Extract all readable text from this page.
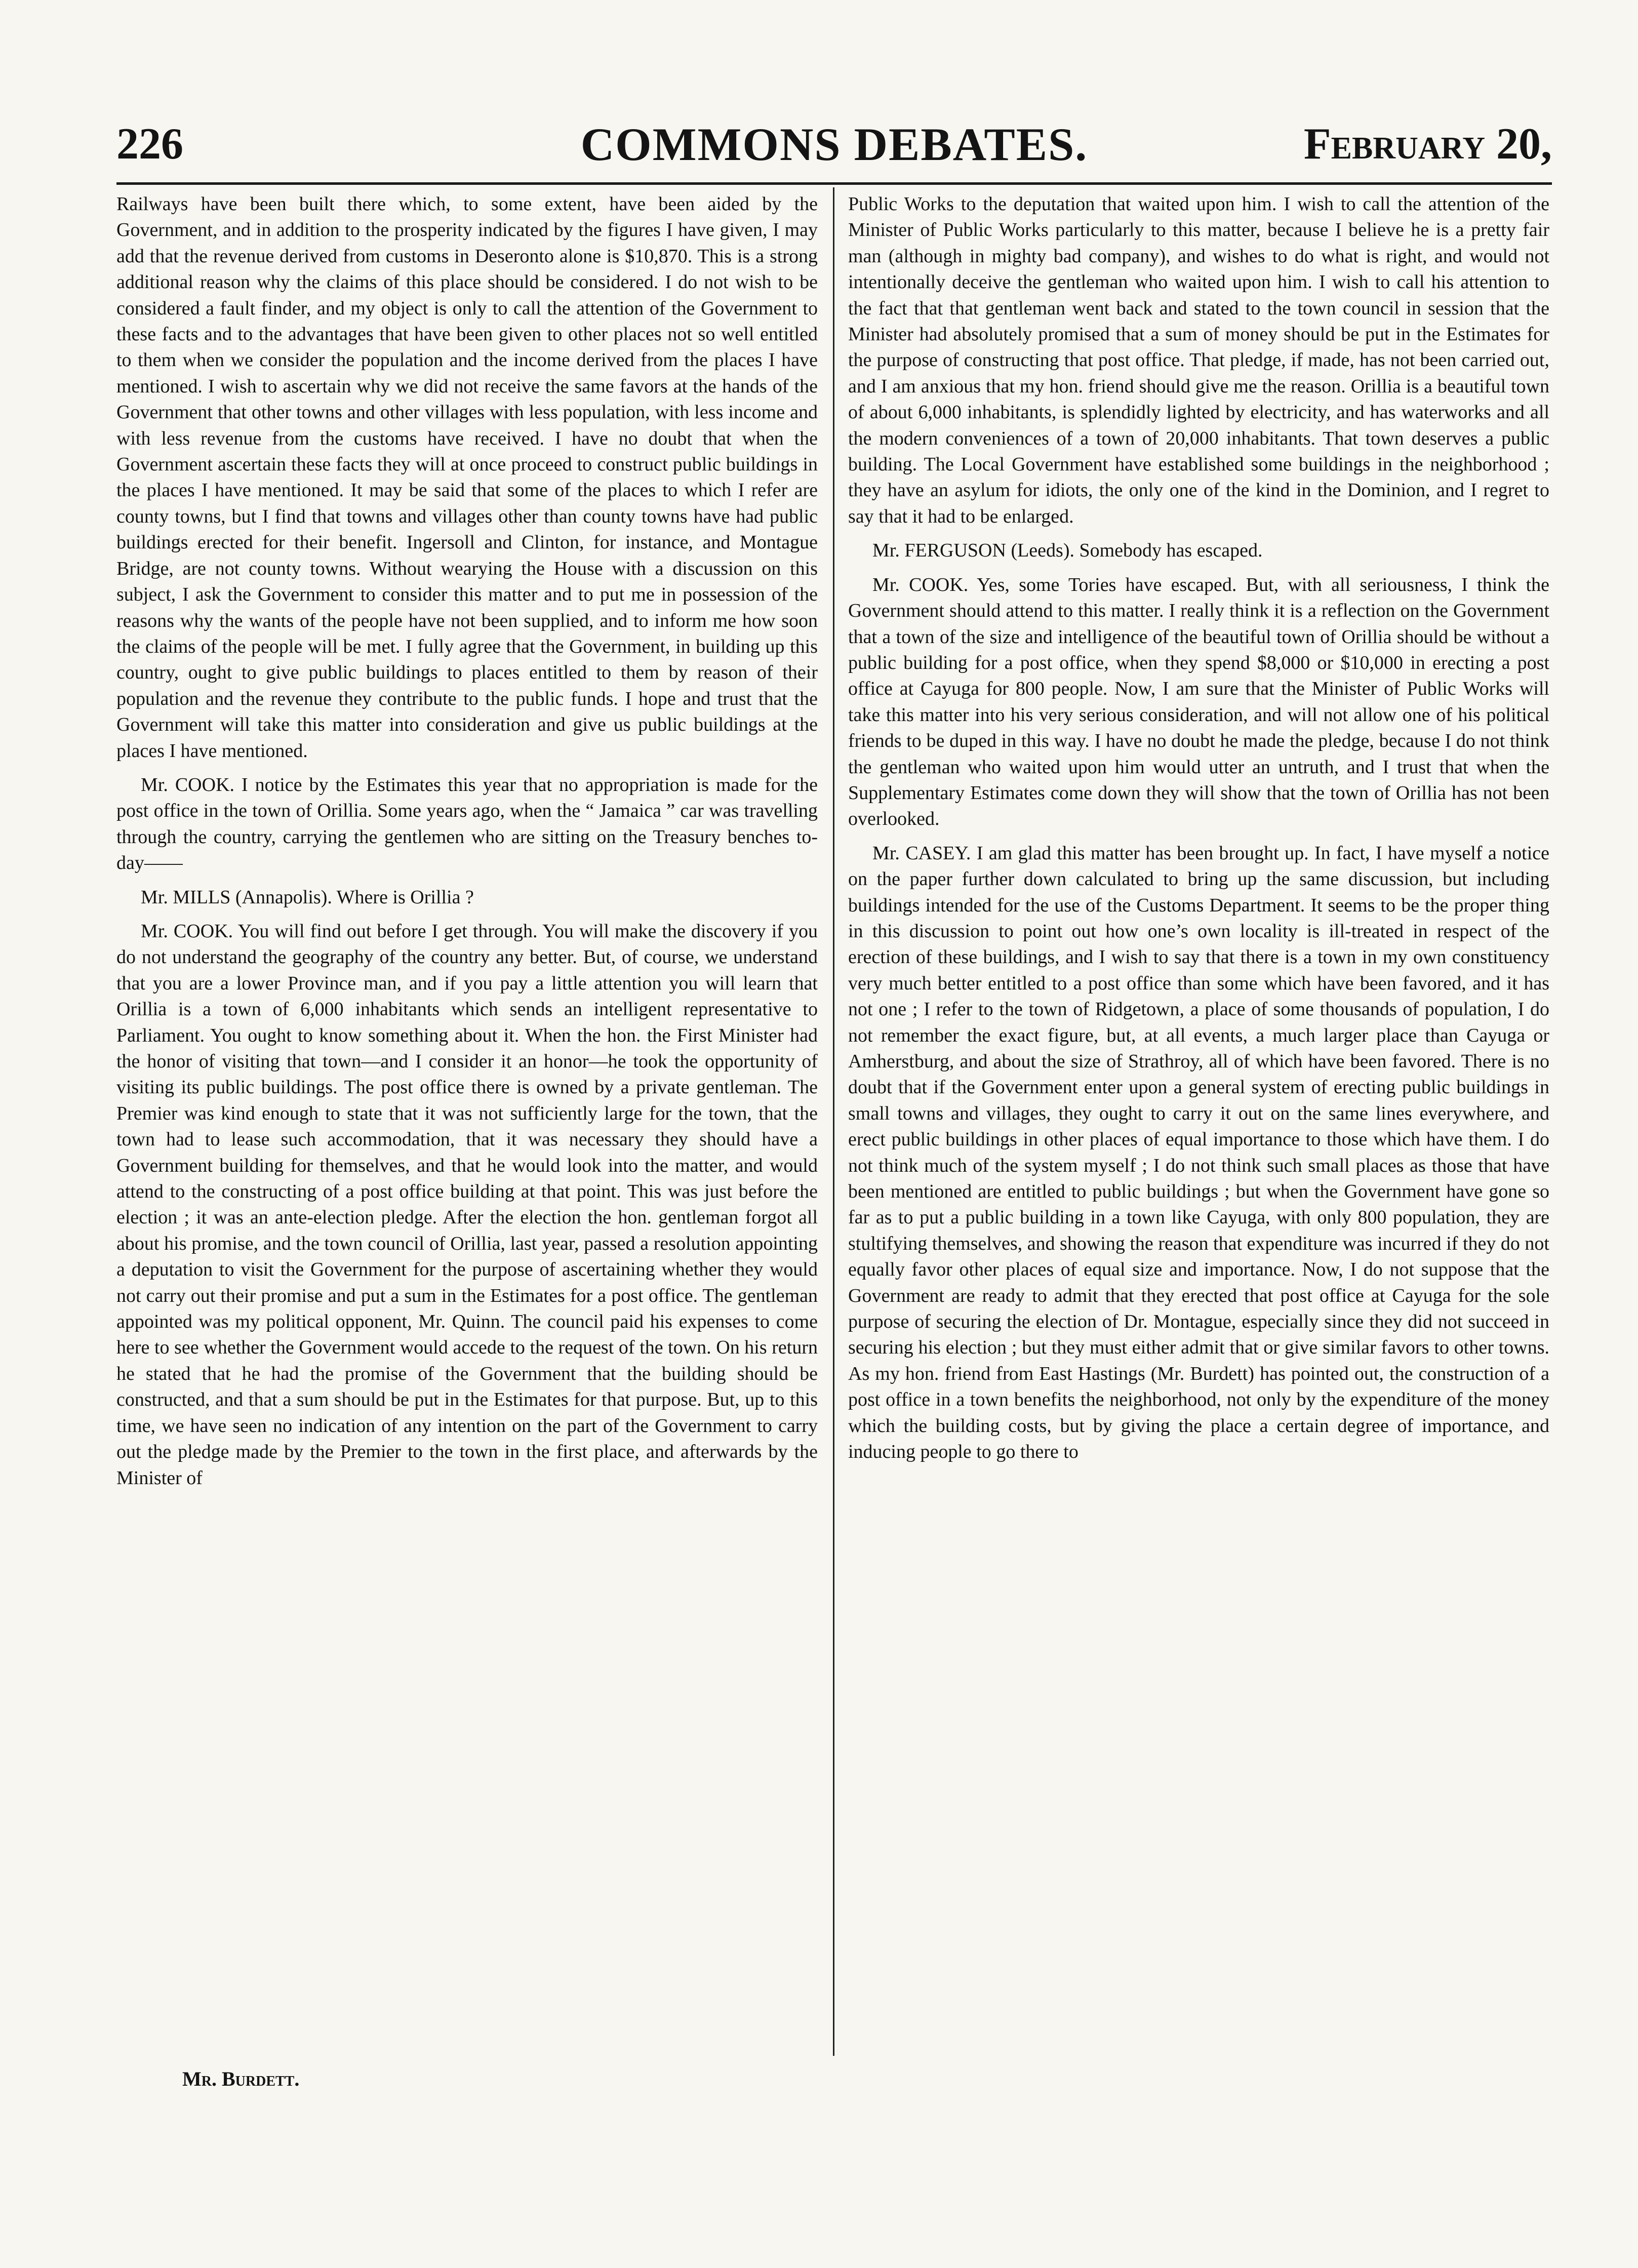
226	COMMONS DEBATES.	February 20,

Railways have been built there which, to some extent, have been aided by the Government, and in addition to the prosperity indicated by the figures I have given, I may add that the revenue derived from customs in Deseronto alone is $10,870. This is a strong additional reason why the claims of this place should be considered. I do not wish to be considered a fault finder, and my object is only to call the attention of the Government to these facts and to the advantages that have been given to other places not so well entitled to them when we consider the population and the income derived from the places I have mentioned. I wish to ascertain why we did not receive the same favors at the hands of the Government that other towns and other villages with less population, with less income and with less revenue from the customs have received. I have no doubt that when the Government ascertain these facts they will at once proceed to construct public buildings in the places I have mentioned. It may be said that some of the places to which I refer are county towns, but I find that towns and villages other than county towns have had public buildings erected for their benefit. Ingersoll and Clinton, for instance, and Montague Bridge, are not county towns. Without wearying the House with a discussion on this subject, I ask the Government to consider this matter and to put me in possession of the reasons why the wants of the people have not been supplied, and to inform me how soon the claims of the people will be met. I fully agree that the Government, in building up this country, ought to give public buildings to places entitled to them by reason of their population and the revenue they contribute to the public funds. I hope and trust that the Government will take this matter into consideration and give us public buildings at the places I have mentioned.

Mr. COOK. I notice by the Estimates this year that no appropriation is made for the post office in the town of Orillia. Some years ago, when the “ Jamaica ” car was travelling through the country, carrying the gentlemen who are sitting on the Treasury benches to-day——

Mr. MILLS (Annapolis). Where is Orillia ?

Mr. COOK. You will find out before I get through. You will make the discovery if you do not understand the geography of the country any better. But, of course, we understand that you are a lower Province man, and if you pay a little attention you will learn that Orillia is a town of 6,000 inhabitants which sends an intelligent representative to Parliament. You ought to know something about it. When the hon. the First Minister had the honor of visiting that town—and I consider it an honor—he took the opportunity of visiting its public buildings. The post office there is owned by a private gentleman. The Premier was kind enough to state that it was not sufficiently large for the town, that the town had to lease such accommodation, that it was necessary they should have a Government building for themselves, and that he would look into the matter, and would attend to the constructing of a post office building at that point. This was just before the election ; it was an ante-election pledge. After the election the hon. gentleman forgot all about his promise, and the town council of Orillia, last year, passed a resolution appointing a deputation to visit the Government for the purpose of ascertaining whether they would not carry out their promise and put a sum in the Estimates for a post office. The gentleman appointed was my political opponent, Mr. Quinn. The council paid his expenses to come here to see whether the Government would accede to the request of the town. On his return he stated that he had the promise of the Government that the building should be constructed, and that a sum should be put in the Estimates for that purpose. But, up to this time, we have seen no indication of any intention on the part of the Government to carry out the pledge made by the Premier to the town in the first place, and afterwards by the Minister of

Public Works to the deputation that waited upon him. I wish to call the attention of the Minister of Public Works particularly to this matter, because I believe he is a pretty fair man (although in mighty bad company), and wishes to do what is right, and would not intentionally deceive the gentleman who waited upon him. I wish to call his attention to the fact that that gentleman went back and stated to the town council in session that the Minister had absolutely promised that a sum of money should be put in the Estimates for the purpose of constructing that post office. That pledge, if made, has not been carried out, and I am anxious that my hon. friend should give me the reason. Orillia is a beautiful town of about 6,000 inhabitants, is splendidly lighted by electricity, and has waterworks and all the modern conveniences of a town of 20,000 inhabitants. That town deserves a public building. The Local Government have established some buildings in the neighborhood ; they have an asylum for idiots, the only one of the kind in the Dominion, and I regret to say that it had to be enlarged.

Mr. FERGUSON (Leeds). Somebody has escaped.

Mr. COOK. Yes, some Tories have escaped. But, with all seriousness, I think the Government should attend to this matter. I really think it is a reflection on the Government that a town of the size and intelligence of the beautiful town of Orillia should be without a public building for a post office, when they spend $8,000 or $10,000 in erecting a post office at Cayuga for 800 people. Now, I am sure that the Minister of Public Works will take this matter into his very serious consideration, and will not allow one of his political friends to be duped in this way. I have no doubt he made the pledge, because I do not think the gentleman who waited upon him would utter an untruth, and I trust that when the Supplementary Estimates come down they will show that the town of Orillia has not been overlooked.

Mr. CASEY. I am glad this matter has been brought up. In fact, I have myself a notice on the paper further down calculated to bring up the same discussion, but including buildings intended for the use of the Customs Department. It seems to be the proper thing in this discussion to point out how one’s own locality is ill-treated in respect of the erection of these buildings, and I wish to say that there is a town in my own constituency very much better entitled to a post office than some which have been favored, and it has not one ; I refer to the town of Ridgetown, a place of some thousands of population, I do not remember the exact figure, but, at all events, a much larger place than Cayuga or Amherstburg, and about the size of Strathroy, all of which have been favored. There is no doubt that if the Government enter upon a general system of erecting public buildings in small towns and villages, they ought to carry it out on the same lines everywhere, and erect public buildings in other places of equal importance to those which have them. I do not think much of the system myself ; I do not think such small places as those that have been mentioned are entitled to public buildings ; but when the Government have gone so far as to put a public building in a town like Cayuga, with only 800 population, they are stultifying themselves, and showing the reason that expenditure was incurred if they do not equally favor other places of equal size and importance. Now, I do not suppose that the Government are ready to admit that they erected that post office at Cayuga for the sole purpose of securing the election of Dr. Montague, especially since they did not succeed in securing his election ; but they must either admit that or give similar favors to other towns. As my hon. friend from East Hastings (Mr. Burdett) has pointed out, the construction of a post office in a town benefits the neighborhood, not only by the expenditure of the money which the building costs, but by giving the place a certain degree of importance, and inducing people to go there to

Mr. Burdett.
